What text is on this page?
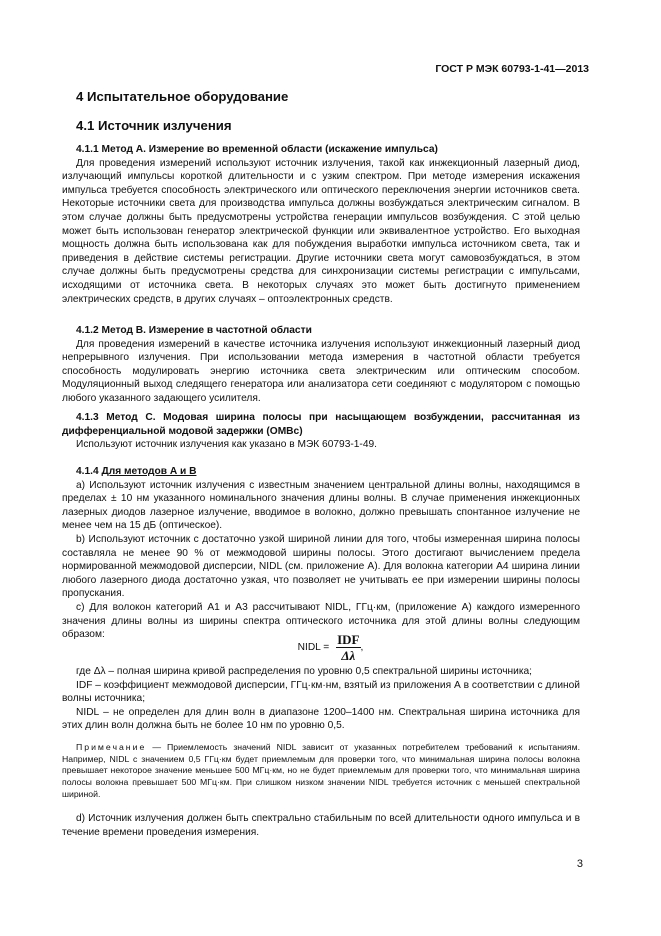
ГОСТ Р МЭК 60793-1-41—2013
4 Испытательное оборудование
4.1 Источник излучения

4.1.1 Метод А. Измерение во временной области (искажение импульса)

Для проведения измерений используют источник излучения, такой как инжекционный лазерный диод, излучающий импульсы короткой длительности и с узким спектром. При методе измерения искажения импульса требуется способность электрического или оптического переключения энергии источников света. Некоторые источники света для производства импульса должны возбуждаться электрическим сигналом. В этом случае должны быть предусмотрены устройства генерации импульсов возбуждения. С этой целью может быть использован генератор электрической функции или эквивалентное устройство. Его выходная мощность должна быть использована как для побуждения выработки импульса источником света, так и приведения в действие системы регистрации. Другие источники света могут самовозбуждаться, в этом случае должны быть предусмотрены средства для синхронизации системы регистрации с импульсами, исходящими от источника света. В некоторых случаях это может быть достигнуто применением электрических средств, в других случаях – оптоэлектронных средств.

4.1.2 Метод В. Измерение в частотной области

Для проведения измерений в качестве источника излучения используют инжекционный лазерный диод непрерывного излучения. При использовании метода измерения в частотной области требуется способность модулировать энергию источника света электрическим или оптическим способом. Модуляционный выход следящего генератора или анализатора сети соединяют с модулятором с помощью любого указанного задающего усилителя.

4.1.3 Метод С. Модовая ширина полосы при насыщающем возбуждении, рассчитанная из дифференциальной модовой задержки (OMBc)

Используют источник излучения как указано в МЭК 60793-1-49.

4.1.4 Для методов А и В

а) Используют источник излучения с известным значением центральной длины волны, находящимся в пределах ± 10 нм указанного номинального значения длины волны. В случае применения инжекционных лазерных диодов лазерное излучение, вводимое в волокно, должно превышать спонтанное излучение не менее чем на 15 дБ (оптическое).

b) Используют источник с достаточно узкой шириной линии для того, чтобы измеренная ширина полосы составляла не менее 90 % от межмодовой ширины полосы. Этого достигают вычислением предела нормированной межмодовой дисперсии, NIDL (см. приложение А). Для волокна категории А4 ширина линии любого лазерного диода достаточно узкая, что позволяет не учитывать ее при измерении ширины полосы пропускания.

c) Для волокон категорий А1 и А3 рассчитывают NIDL, ГГц·км, (приложение А) каждого измеренного значения длины волны из ширины спектра оптического источника для этой длины волны следующим образом:

NIDL = $\frac{\text{IDF}}{\Delta\lambda}$ ,

где Δλ – полная ширина кривой распределения по уровню 0,5 спектральной ширины источника;

IDF – коэффициент межмодовой дисперсии, ГГц·км·нм, взятый из приложения А в соответствии с длиной волны источника;

NIDL – не определен для длин волн в диапазоне 1200–1400 нм. Спектральная ширина источника для этих длин волн должна быть не более 10 нм по уровню 0,5.

Примечание — Приемлемость значений NIDL зависит от указанных потребителем требований к испытаниям. Например, NIDL с значением 0,5 ГГц·км будет приемлемым для проверки того, что минимальная ширина полосы волокна превышает некоторое значение меньшее 500 МГц·км, но не будет приемлемым для проверки того, что минимальная ширина полосы волокна превышает 500 МГц·км. При слишком низком значении NIDL требуется источник с меньшей спектральной шириной.

d) Источник излучения должен быть спектрально стабильным по всей длительности одного импульса и в течение времени проведения измерения.

3
